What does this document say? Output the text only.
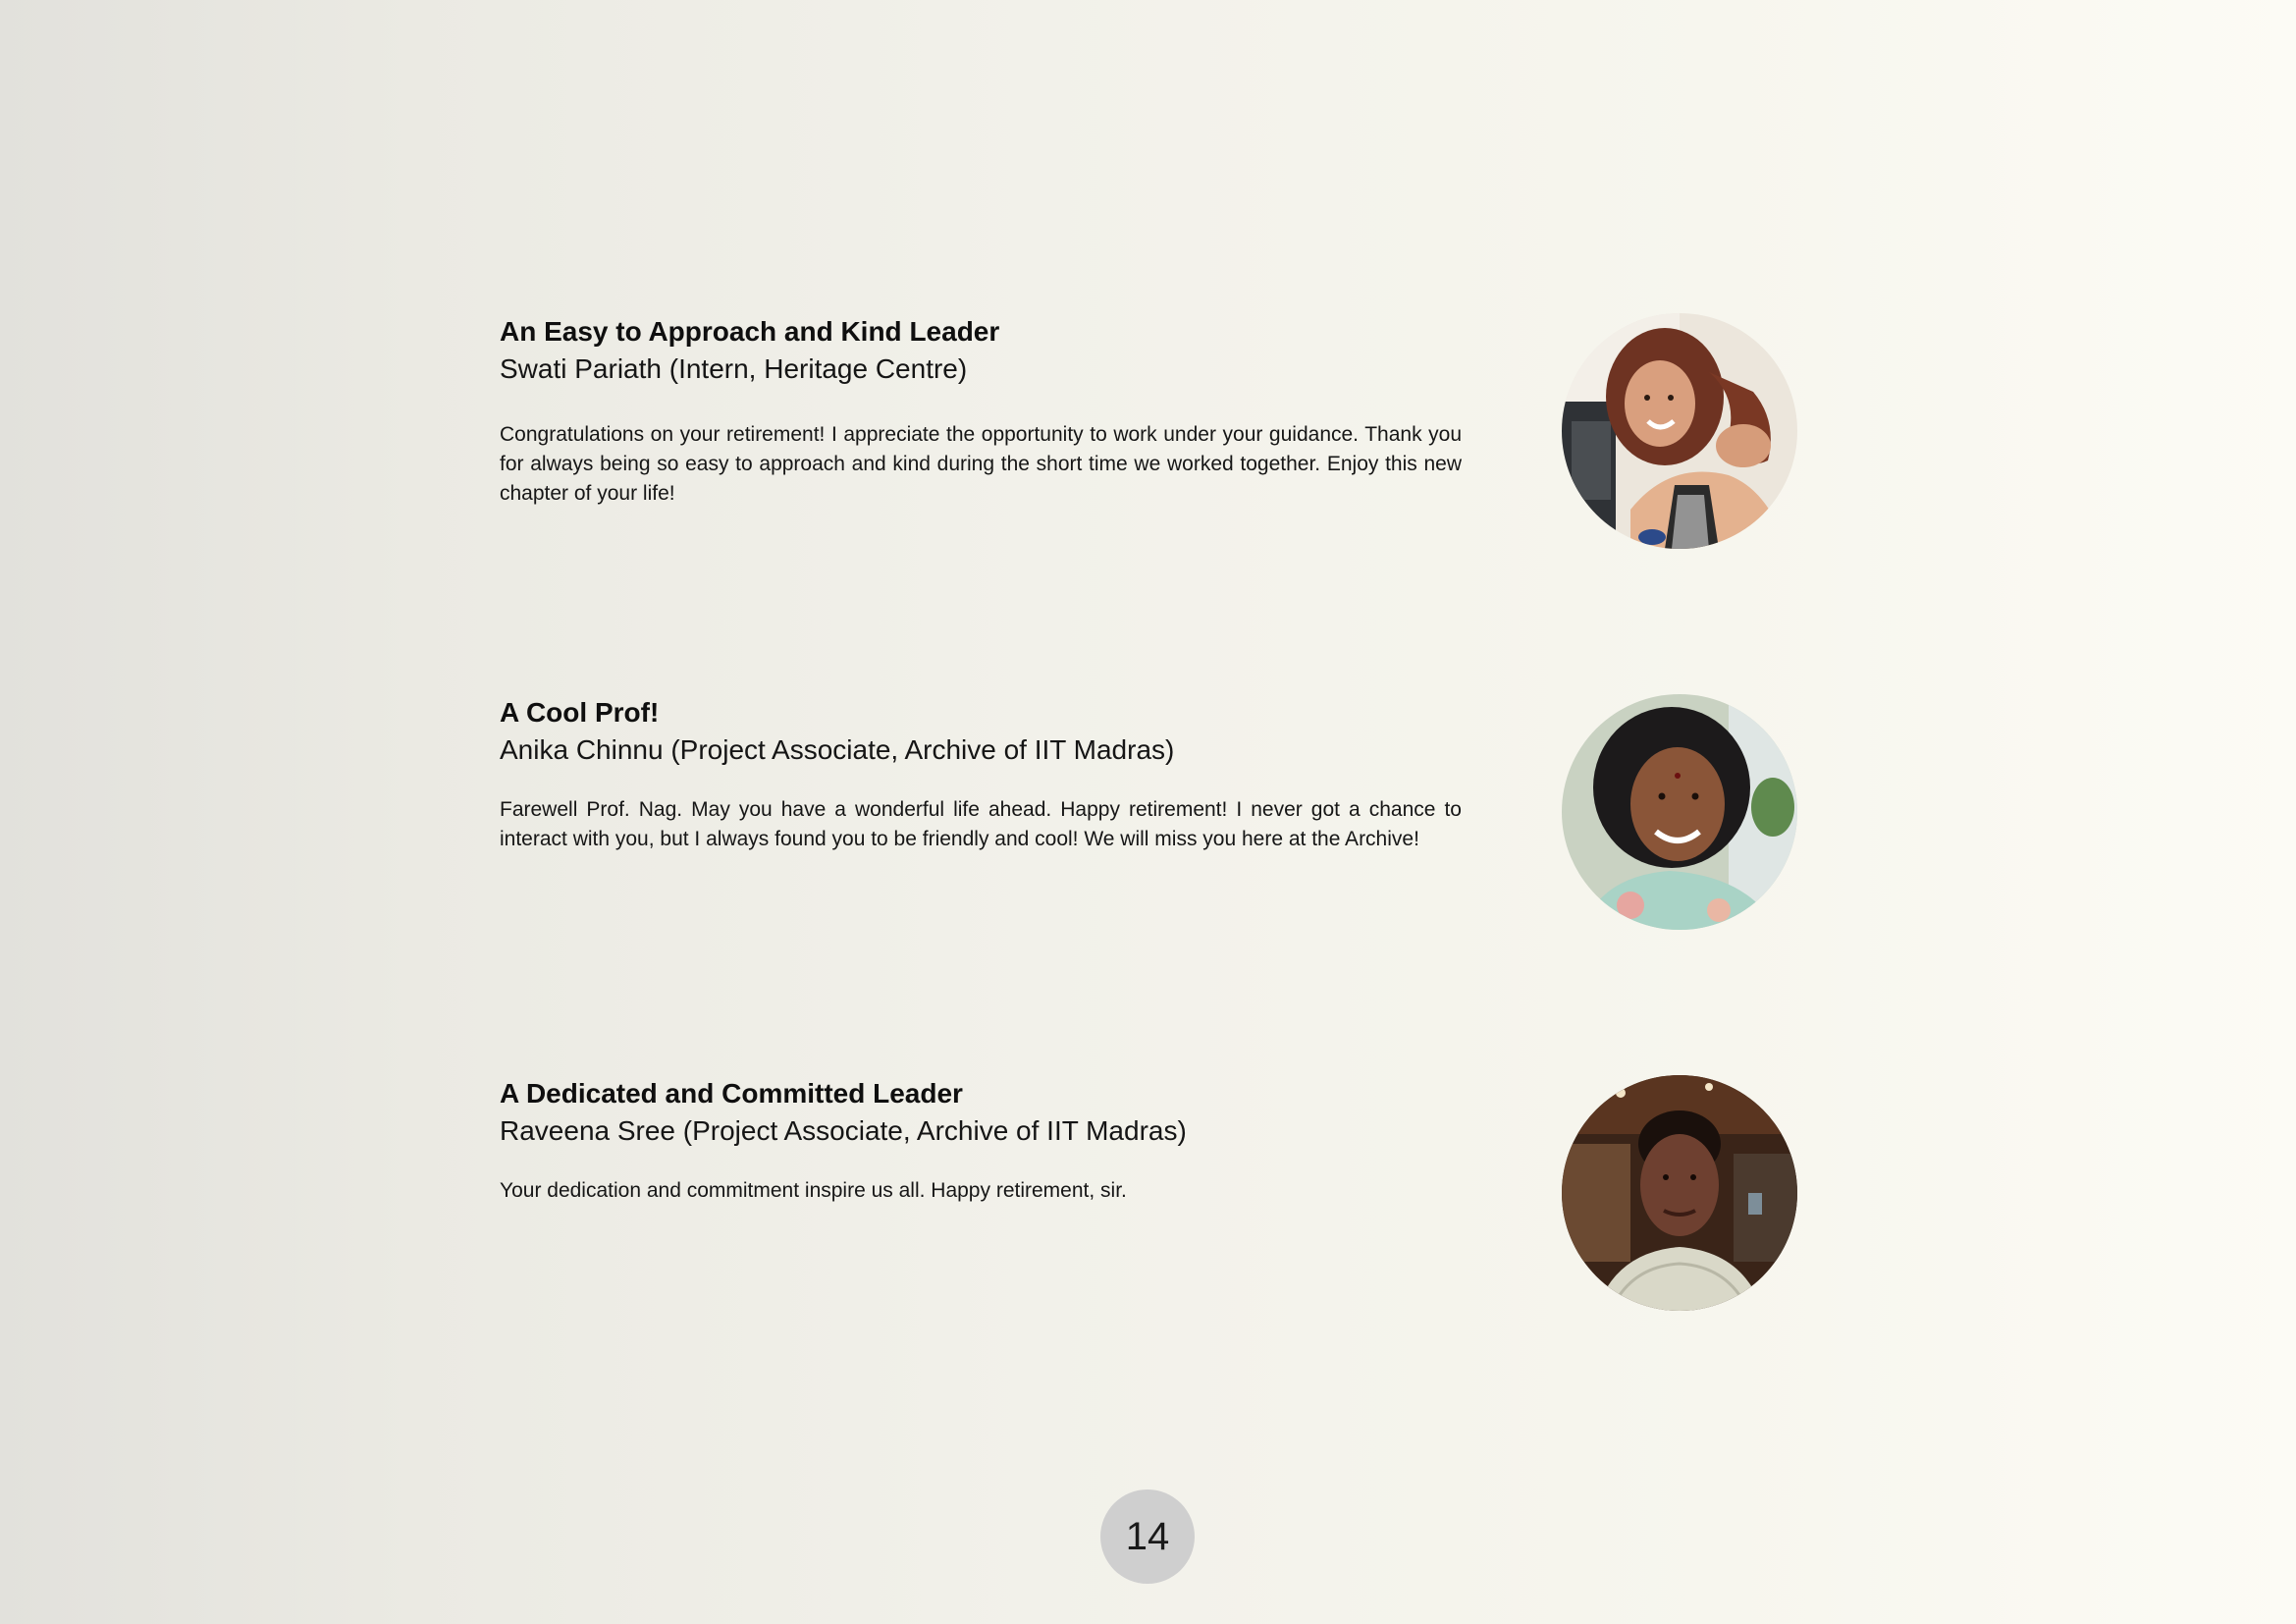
An Easy to Approach and Kind Leader
Swati Pariath (Intern, Heritage Centre)
Congratulations on your retirement! I appreciate the opportunity to work under your guidance. Thank you for always being so easy to approach and kind during the short time we worked together. Enjoy this new chapter of your life!
A Cool Prof!
Anika Chinnu (Project Associate, Archive of IIT Madras)
Farewell Prof. Nag. May you have a wonderful life ahead. Happy retirement! I never got a chance to interact with you, but I always found you to be friendly and cool! We will miss you here at the Archive!
A Dedicated and Committed Leader
Raveena Sree (Project Associate, Archive of IIT Madras)
Your dedication and commitment inspire us all. Happy retirement, sir.
14
